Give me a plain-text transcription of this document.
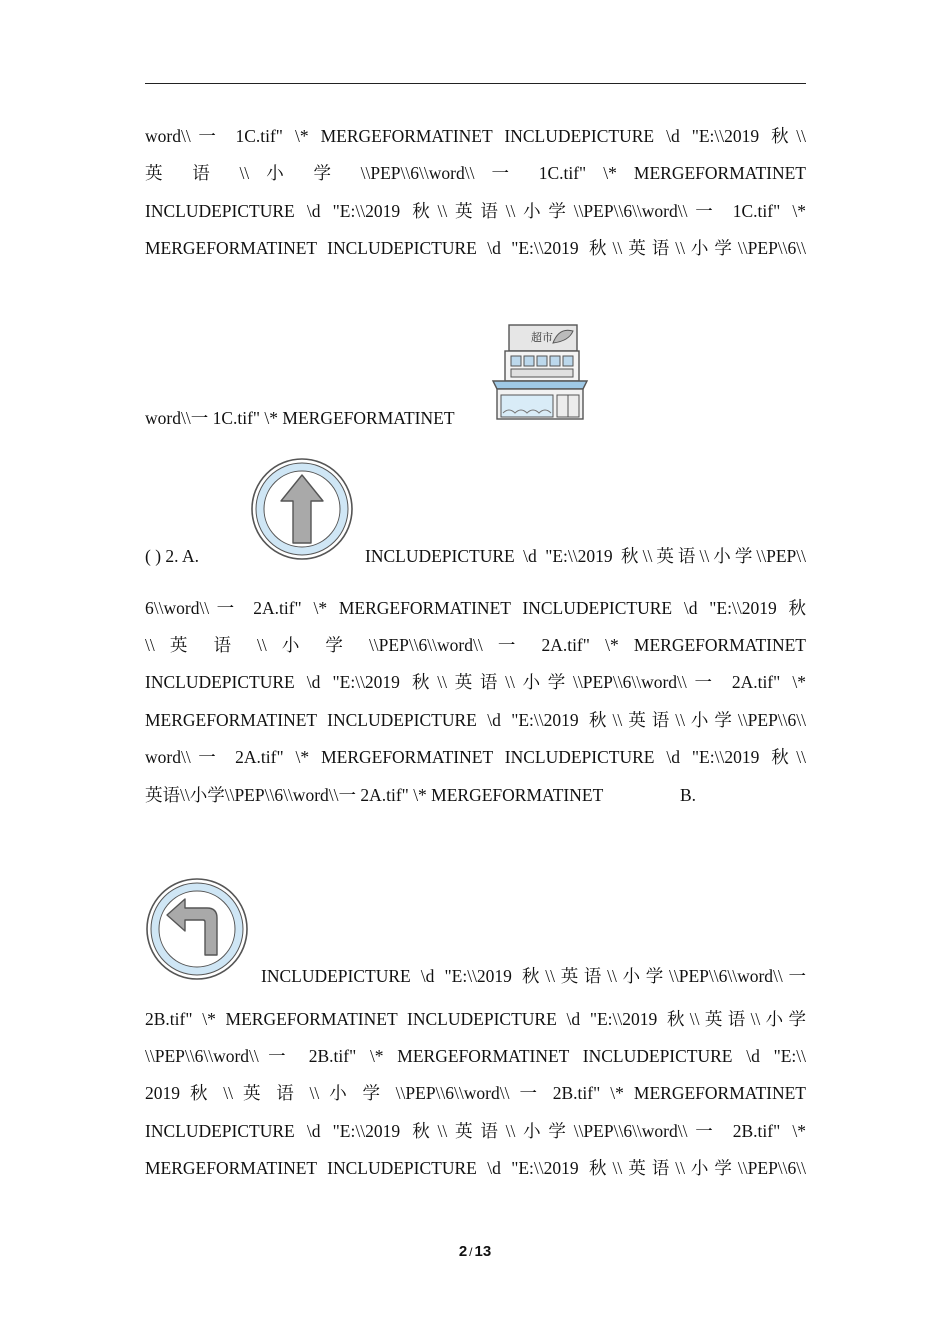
word\\一 1C.tif" \* MERGEFORMATINET INCLUDEPICTURE \d "E:\\2019 秋\\
英 语 \\ 小 学 \\PEP\\6\\word\\ 一 1C.tif" \* MERGEFORMATINET
INCLUDEPICTURE \d "E:\\2019 秋\\英语\\小学\\PEP\\6\\word\\一 1C.tif" \*
MERGEFORMATINET INCLUDEPICTURE \d "E:\\2019 秋\\英语\\小学\\PEP\\6\\
超市
word\\一 1C.tif" \* MERGEFORMATINET
( ) 2. A.	INCLUDEPICTURE \d "E:\\2019 秋\\英语\\小学\\PEP\\
6\\word\\一 2A.tif" \* MERGEFORMATINET INCLUDEPICTURE \d "E:\\2019 秋
\\ 英 语 \\ 小 学 \\PEP\\6\\word\\ 一 2A.tif" \* MERGEFORMATINET
INCLUDEPICTURE \d "E:\\2019 秋\\英语\\小学\\PEP\\6\\word\\一 2A.tif" \*
MERGEFORMATINET INCLUDEPICTURE \d "E:\\2019 秋\\英语\\小学\\PEP\\6\\
word\\一 2A.tif" \* MERGEFORMATINET INCLUDEPICTURE \d "E:\\2019 秋\\
英语\\小学\\PEP\\6\\word\\一 2A.tif" \* MERGEFORMATINET	B.
INCLUDEPICTURE \d "E:\\2019 秋\\英语\\小学\\PEP\\6\\word\\一
2B.tif" \* MERGEFORMATINET INCLUDEPICTURE \d "E:\\2019 秋\\英语\\小学
\\PEP\\6\\word\\一 2B.tif" \* MERGEFORMATINET INCLUDEPICTURE \d "E:\\
2019 秋 \\ 英 语 \\ 小 学 \\PEP\\6\\word\\ 一 2B.tif" \* MERGEFORMATINET
INCLUDEPICTURE \d "E:\\2019 秋\\英语\\小学\\PEP\\6\\word\\一 2B.tif" \*
MERGEFORMATINET INCLUDEPICTURE \d "E:\\2019 秋\\英语\\小学\\PEP\\6\\
2 / 13
